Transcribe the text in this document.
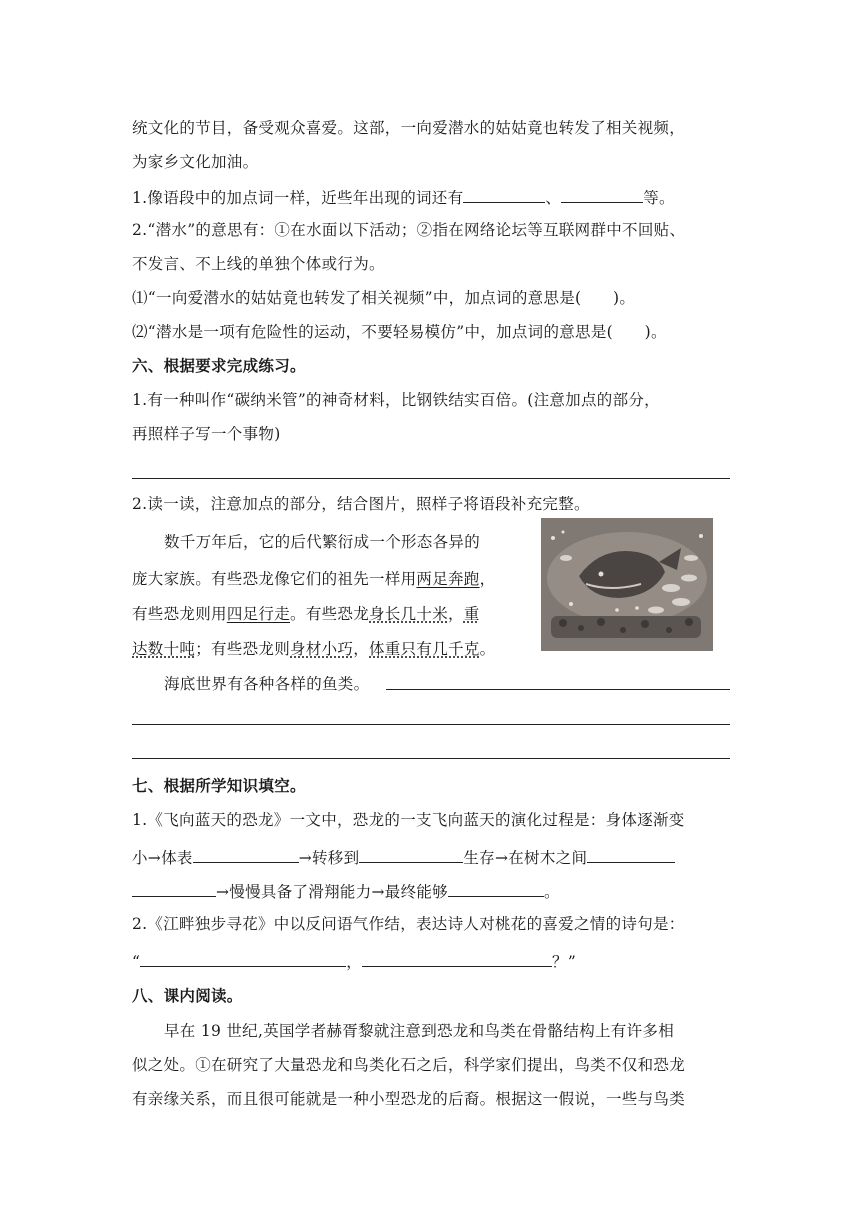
统文化的节目，备受观众喜爱。这部，一向爱潜水的姑姑竟也转发了相关视频，
为家乡文化加油。
1.像语段中的加点词一样，近些年出现的词还有	、	等。
2.“潜水”的意思有：①在水面以下活动；②指在网络论坛等互联网群中不回贴、
不发言、不上线的单独个体或行为。
⑴“一向爱潜水的姑姑竟也转发了相关视频”中，加点词的意思是(　　)。
⑵“潜水是一项有危险性的运动，不要轻易模仿”中，加点词的意思是(　　)。
六、根据要求完成练习。
1.有一种叫作“碳纳米管”的神奇材料，比钢铁结实百倍。(注意加点的部分，
再照样子写一个事物)
2.读一读，注意加点的部分，结合图片，照样子将语段补充完整。
数千万年后，它的后代繁衍成一个形态各异的
庞大家族。有些恐龙像它们的祖先一样用两足奔跑，
有些恐龙则用四足行走。有些恐龙身长几十米，重
达数十吨；有些恐龙则身材小巧，体重只有几千克。
海底世界有各种各样的鱼类。
七、根据所学知识填空。
1.《飞向蓝天的恐龙》一文中，恐龙的一支飞向蓝天的演化过程是：身体逐渐变
小→体表	→转移到	生存→在树木之间
→慢慢具备了滑翔能力→最终能够	。
2.《江畔独步寻花》中以反问语气作结，表达诗人对桃花的喜爱之情的诗句是：
“	，	？”
八、课内阅读。
早在 19 世纪,英国学者赫胥黎就注意到恐龙和鸟类在骨骼结构上有许多相
似之处。①在研究了大量恐龙和鸟类化石之后，科学家们提出，鸟类不仅和恐龙
有亲缘关系，而且很可能就是一种小型恐龙的后裔。根据这一假说，一些与鸟类
